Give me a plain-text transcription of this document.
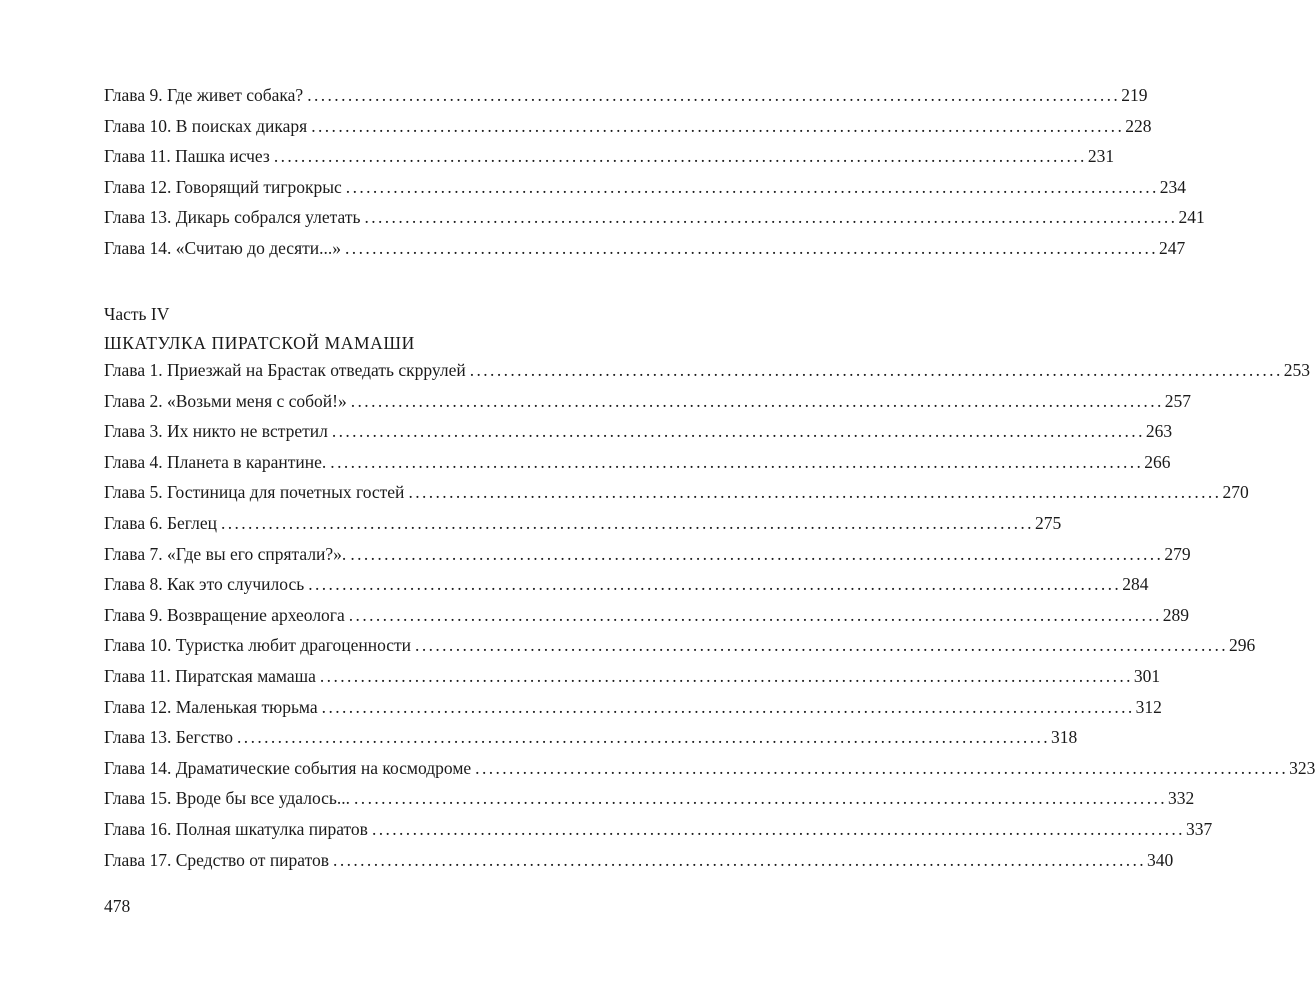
Глава 9. Где живет собака? ........................................................................................................................ 219
Глава 10. В поисках дикаря ........................................................................................................................ 228
Глава 11. Пашка исчез ........................................................................................................................ 231
Глава 12. Говорящий тигрокрыс ........................................................................................................................ 234
Глава 13. Дикарь собрался улетать ........................................................................................................................ 241
Глава 14. «Считаю до десяти...» ........................................................................................................................ 247
Часть IV
ШКАТУЛКА ПИРАТСКОЙ МАМАШИ
Глава 1. Приезжай на Брастак отведать скррулей ........................................................................................................................ 253
Глава 2. «Возьми меня с собой!» ........................................................................................................................ 257
Глава 3. Их никто не встретил ........................................................................................................................ 263
Глава 4. Планета в карантине. ........................................................................................................................ 266
Глава 5. Гостиница для почетных гостей ........................................................................................................................ 270
Глава 6. Беглец ........................................................................................................................ 275
Глава 7. «Где вы его спрятали?». ........................................................................................................................ 279
Глава 8. Как это случилось ........................................................................................................................ 284
Глава 9. Возвращение археолога ........................................................................................................................ 289
Глава 10. Туристка любит драгоценности ........................................................................................................................ 296
Глава 11. Пиратская мамаша ........................................................................................................................ 301
Глава 12. Маленькая тюрьма ........................................................................................................................ 312
Глава 13. Бегство ........................................................................................................................ 318
Глава 14. Драматические события на космодроме ........................................................................................................................ 323
Глава 15. Вроде бы все удалось... ........................................................................................................................ 332
Глава 16. Полная шкатулка пиратов ........................................................................................................................ 337
Глава 17. Средство от пиратов ........................................................................................................................ 340
478
